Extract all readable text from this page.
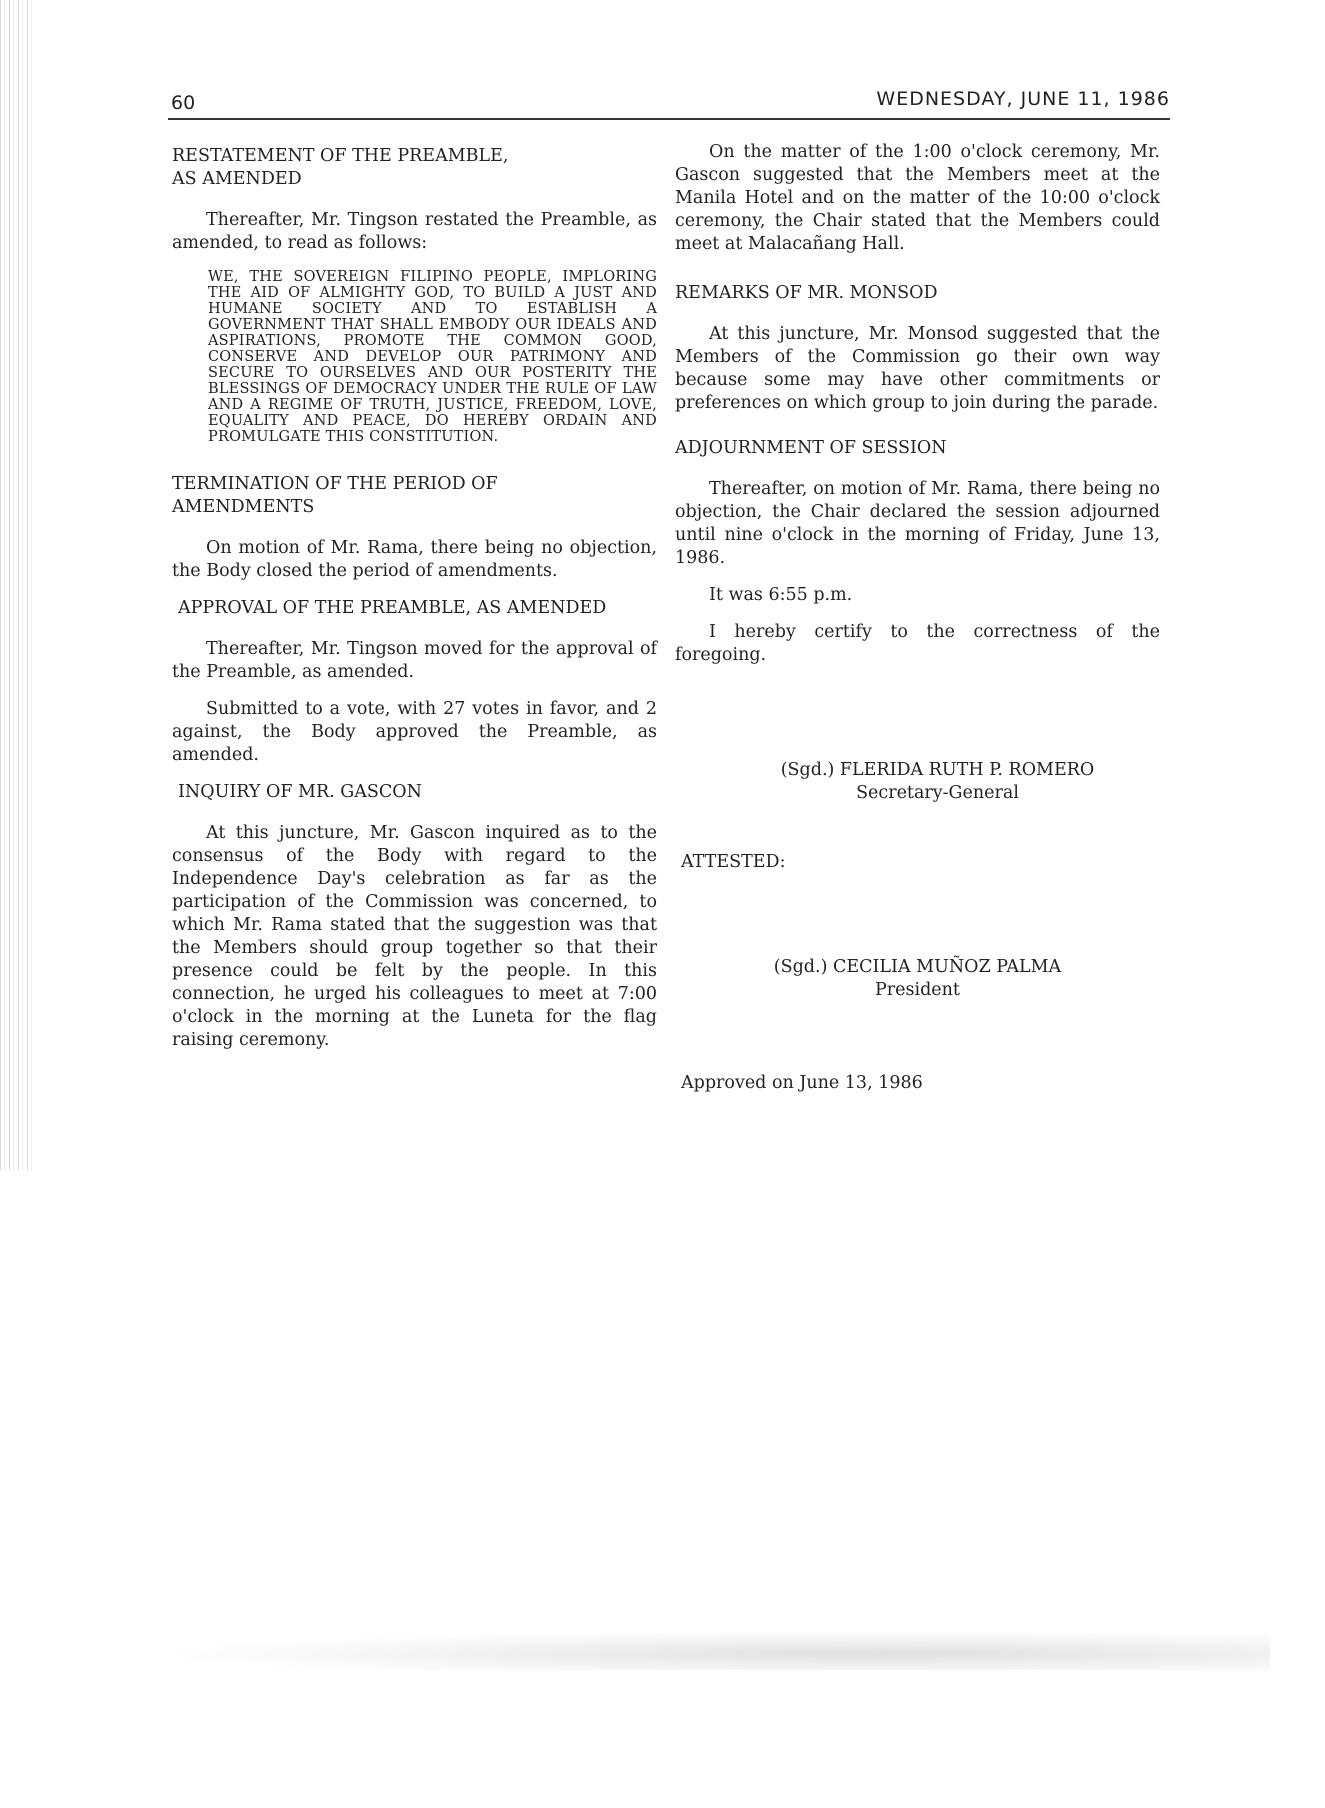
60	WEDNESDAY, JUNE 11, 1986
RESTATEMENT OF THE PREAMBLE,
AS AMENDED

Thereafter, Mr. Tingson restated the Preamble, as amended, to read as follows:

WE, THE SOVEREIGN FILIPINO PEOPLE, IMPLORING THE AID OF ALMIGHTY GOD, TO BUILD A JUST AND HUMANE SOCIETY AND TO ESTABLISH A GOVERNMENT THAT SHALL EMBODY OUR IDEALS AND ASPIRATIONS, PROMOTE THE COMMON GOOD, CONSERVE AND DEVELOP OUR PATRIMONY AND SECURE TO OURSELVES AND OUR POSTERITY THE BLESSINGS OF DEMOCRACY UNDER THE RULE OF LAW AND A REGIME OF TRUTH, JUSTICE, FREEDOM, LOVE, EQUALITY AND PEACE, DO HEREBY ORDAIN AND PROMULGATE THIS CONSTITUTION.

TERMINATION OF THE PERIOD OF
AMENDMENTS

On motion of Mr. Rama, there being no objection, the Body closed the period of amendments.

APPROVAL OF THE PREAMBLE, AS AMENDED

Thereafter, Mr. Tingson moved for the approval of the Preamble, as amended.

Submitted to a vote, with 27 votes in favor, and 2 against, the Body approved the Preamble, as amended.

INQUIRY OF MR. GASCON

At this juncture, Mr. Gascon inquired as to the consensus of the Body with regard to the Independence Day's celebration as far as the participation of the Commission was concerned, to which Mr. Rama stated that the suggestion was that the Members should group together so that their presence could be felt by the people. In this connection, he urged his colleagues to meet at 7:00 o'clock in the morning at the Luneta for the flag raising ceremony.

On the matter of the 1:00 o'clock ceremony, Mr. Gascon suggested that the Members meet at the Manila Hotel and on the matter of the 10:00 o'clock ceremony, the Chair stated that the Members could meet at Malacañang Hall.

REMARKS OF MR. MONSOD

At this juncture, Mr. Monsod suggested that the Members of the Commission go their own way because some may have other commitments or preferences on which group to join during the parade.

ADJOURNMENT OF SESSION

Thereafter, on motion of Mr. Rama, there being no objection, the Chair declared the session adjourned until nine o'clock in the morning of Friday, June 13, 1986.

It was 6:55 p.m.

I hereby certify to the correctness of the foregoing.

(Sgd.) FLERIDA RUTH P. ROMERO

Secretary-General

ATTESTED:

(Sgd.) CECILIA MUÑOZ PALMA

President

Approved on June 13, 1986
